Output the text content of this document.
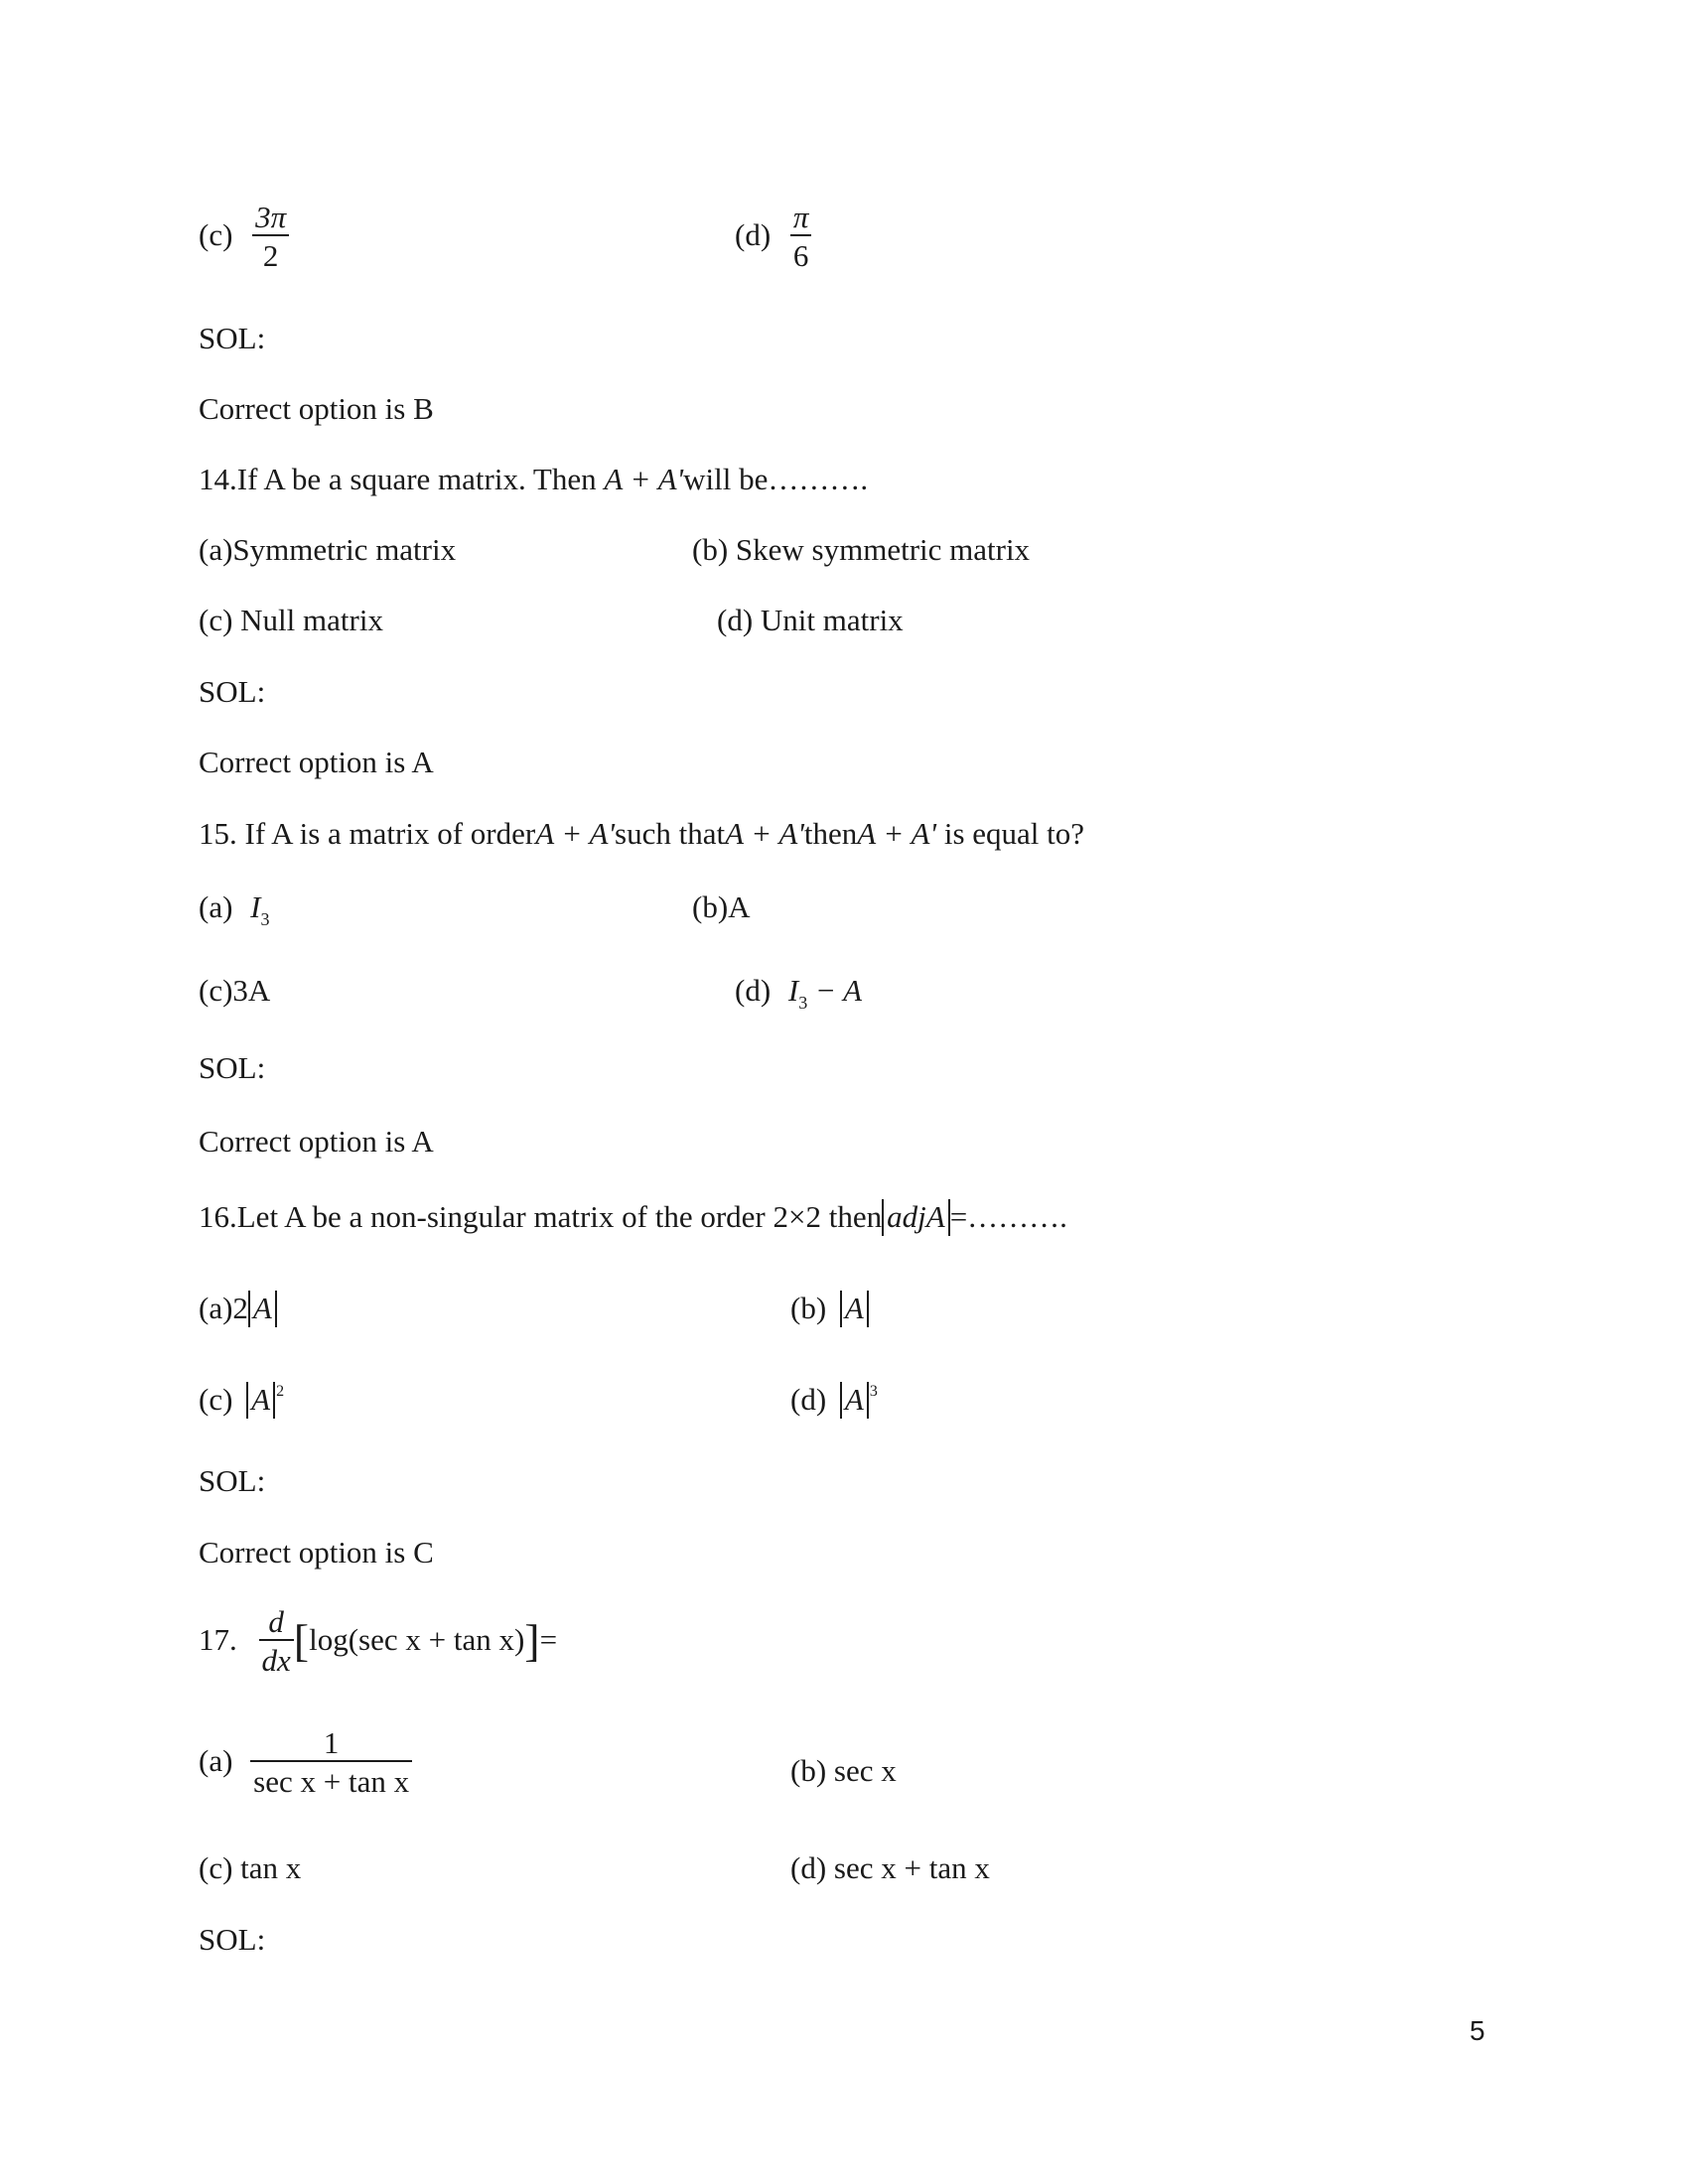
$(c) \frac{3\pi}{2}$	$(d) \frac{\pi}{6}$
SOL:
Correct option is B
14.If A be a square matrix. Then A + A'will be……….
(a)Symmetric matrix	(b) Skew symmetric matrix
(c) Null matrix	(d) Unit matrix
SOL:
Correct option is A
15. If A is a matrix of orderA + A'such thatA + A'thenA + A' is equal to?
(a) $I_3$	(b)A
(c)3A	(d) $I_3 - A$
SOL:
Correct option is A
16.Let A be a non-singular matrix of the order 2×2 then adjA =……….
(a)2 A	(b) A
(c) A $^2$	(d) A $^3$
SOL:
Correct option is C
17. $\frac{d}{dx} [\log(\sec$ x + tan x)]=
$(a) \frac{1}{\text{sec x + tan x}}$	(b) sec x
(c) tan x	(d) sec x + tan x
SOL:
5
